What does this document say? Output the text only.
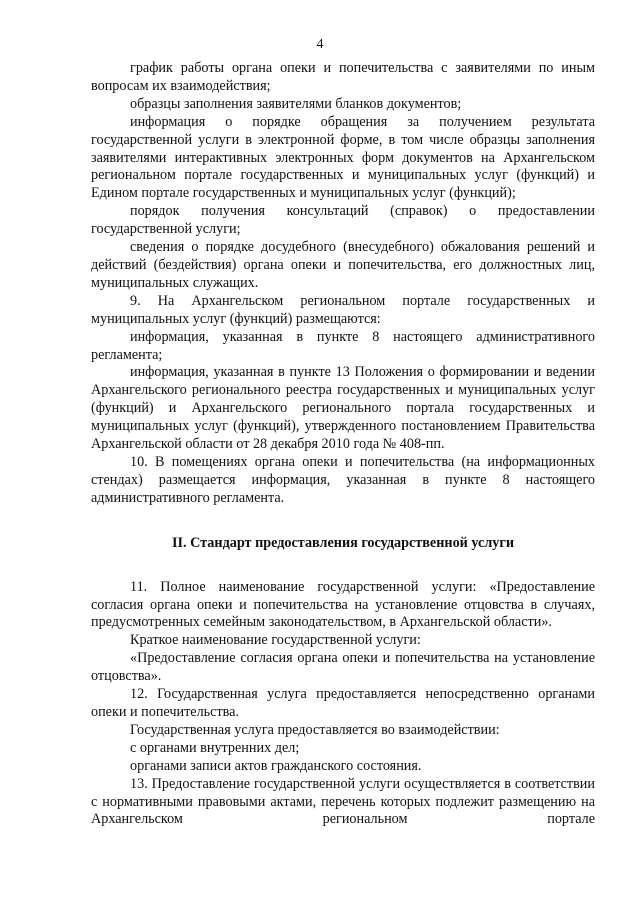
4

график работы органа опеки и попечительства с заявителями по иным вопросам их взаимодействия;

образцы заполнения заявителями бланков документов;

информация о порядке обращения за получением результата государственной услуги в электронной форме, в том числе образцы заполнения заявителями интерактивных электронных форм документов на Архангельском региональном портале государственных и муниципальных услуг (функций) и Едином портале государственных и муниципальных услуг (функций);

порядок получения консультаций (справок) о предоставлении государственной услуги;

сведения о порядке досудебного (внесудебного) обжалования решений и действий (бездействия) органа опеки и попечительства, его должностных лиц, муниципальных служащих.

9. На Архангельском региональном портале государственных и муниципальных услуг (функций) размещаются:

информация, указанная в пункте 8 настоящего административного регламента;

информация, указанная в пункте 13 Положения о формировании и ведении Архангельского регионального реестра государственных и муниципальных услуг (функций) и Архангельского регионального портала государственных и муниципальных услуг (функций), утвержденного постановлением Правительства Архангельской области от 28 декабря 2010 года № 408-пп.

10. В помещениях органа опеки и попечительства (на информационных стендах) размещается информация, указанная в пункте 8 настоящего административного регламента.

II. Стандарт предоставления государственной услуги

11. Полное наименование государственной услуги: «Предоставление согласия органа опеки и попечительства на установление отцовства в случаях, предусмотренных семейным законодательством, в Архангельской области».

Краткое наименование государственной услуги:

«Предоставление согласия органа опеки и попечительства на установление отцовства».

12. Государственная услуга предоставляется непосредственно органами опеки и попечительства.

Государственная услуга предоставляется во взаимодействии:

с органами внутренних дел;

органами записи актов гражданского состояния.

13. Предоставление государственной услуги осуществляется в соответствии с нормативными правовыми актами, перечень которых подлежит размещению на Архангельском региональном портале
